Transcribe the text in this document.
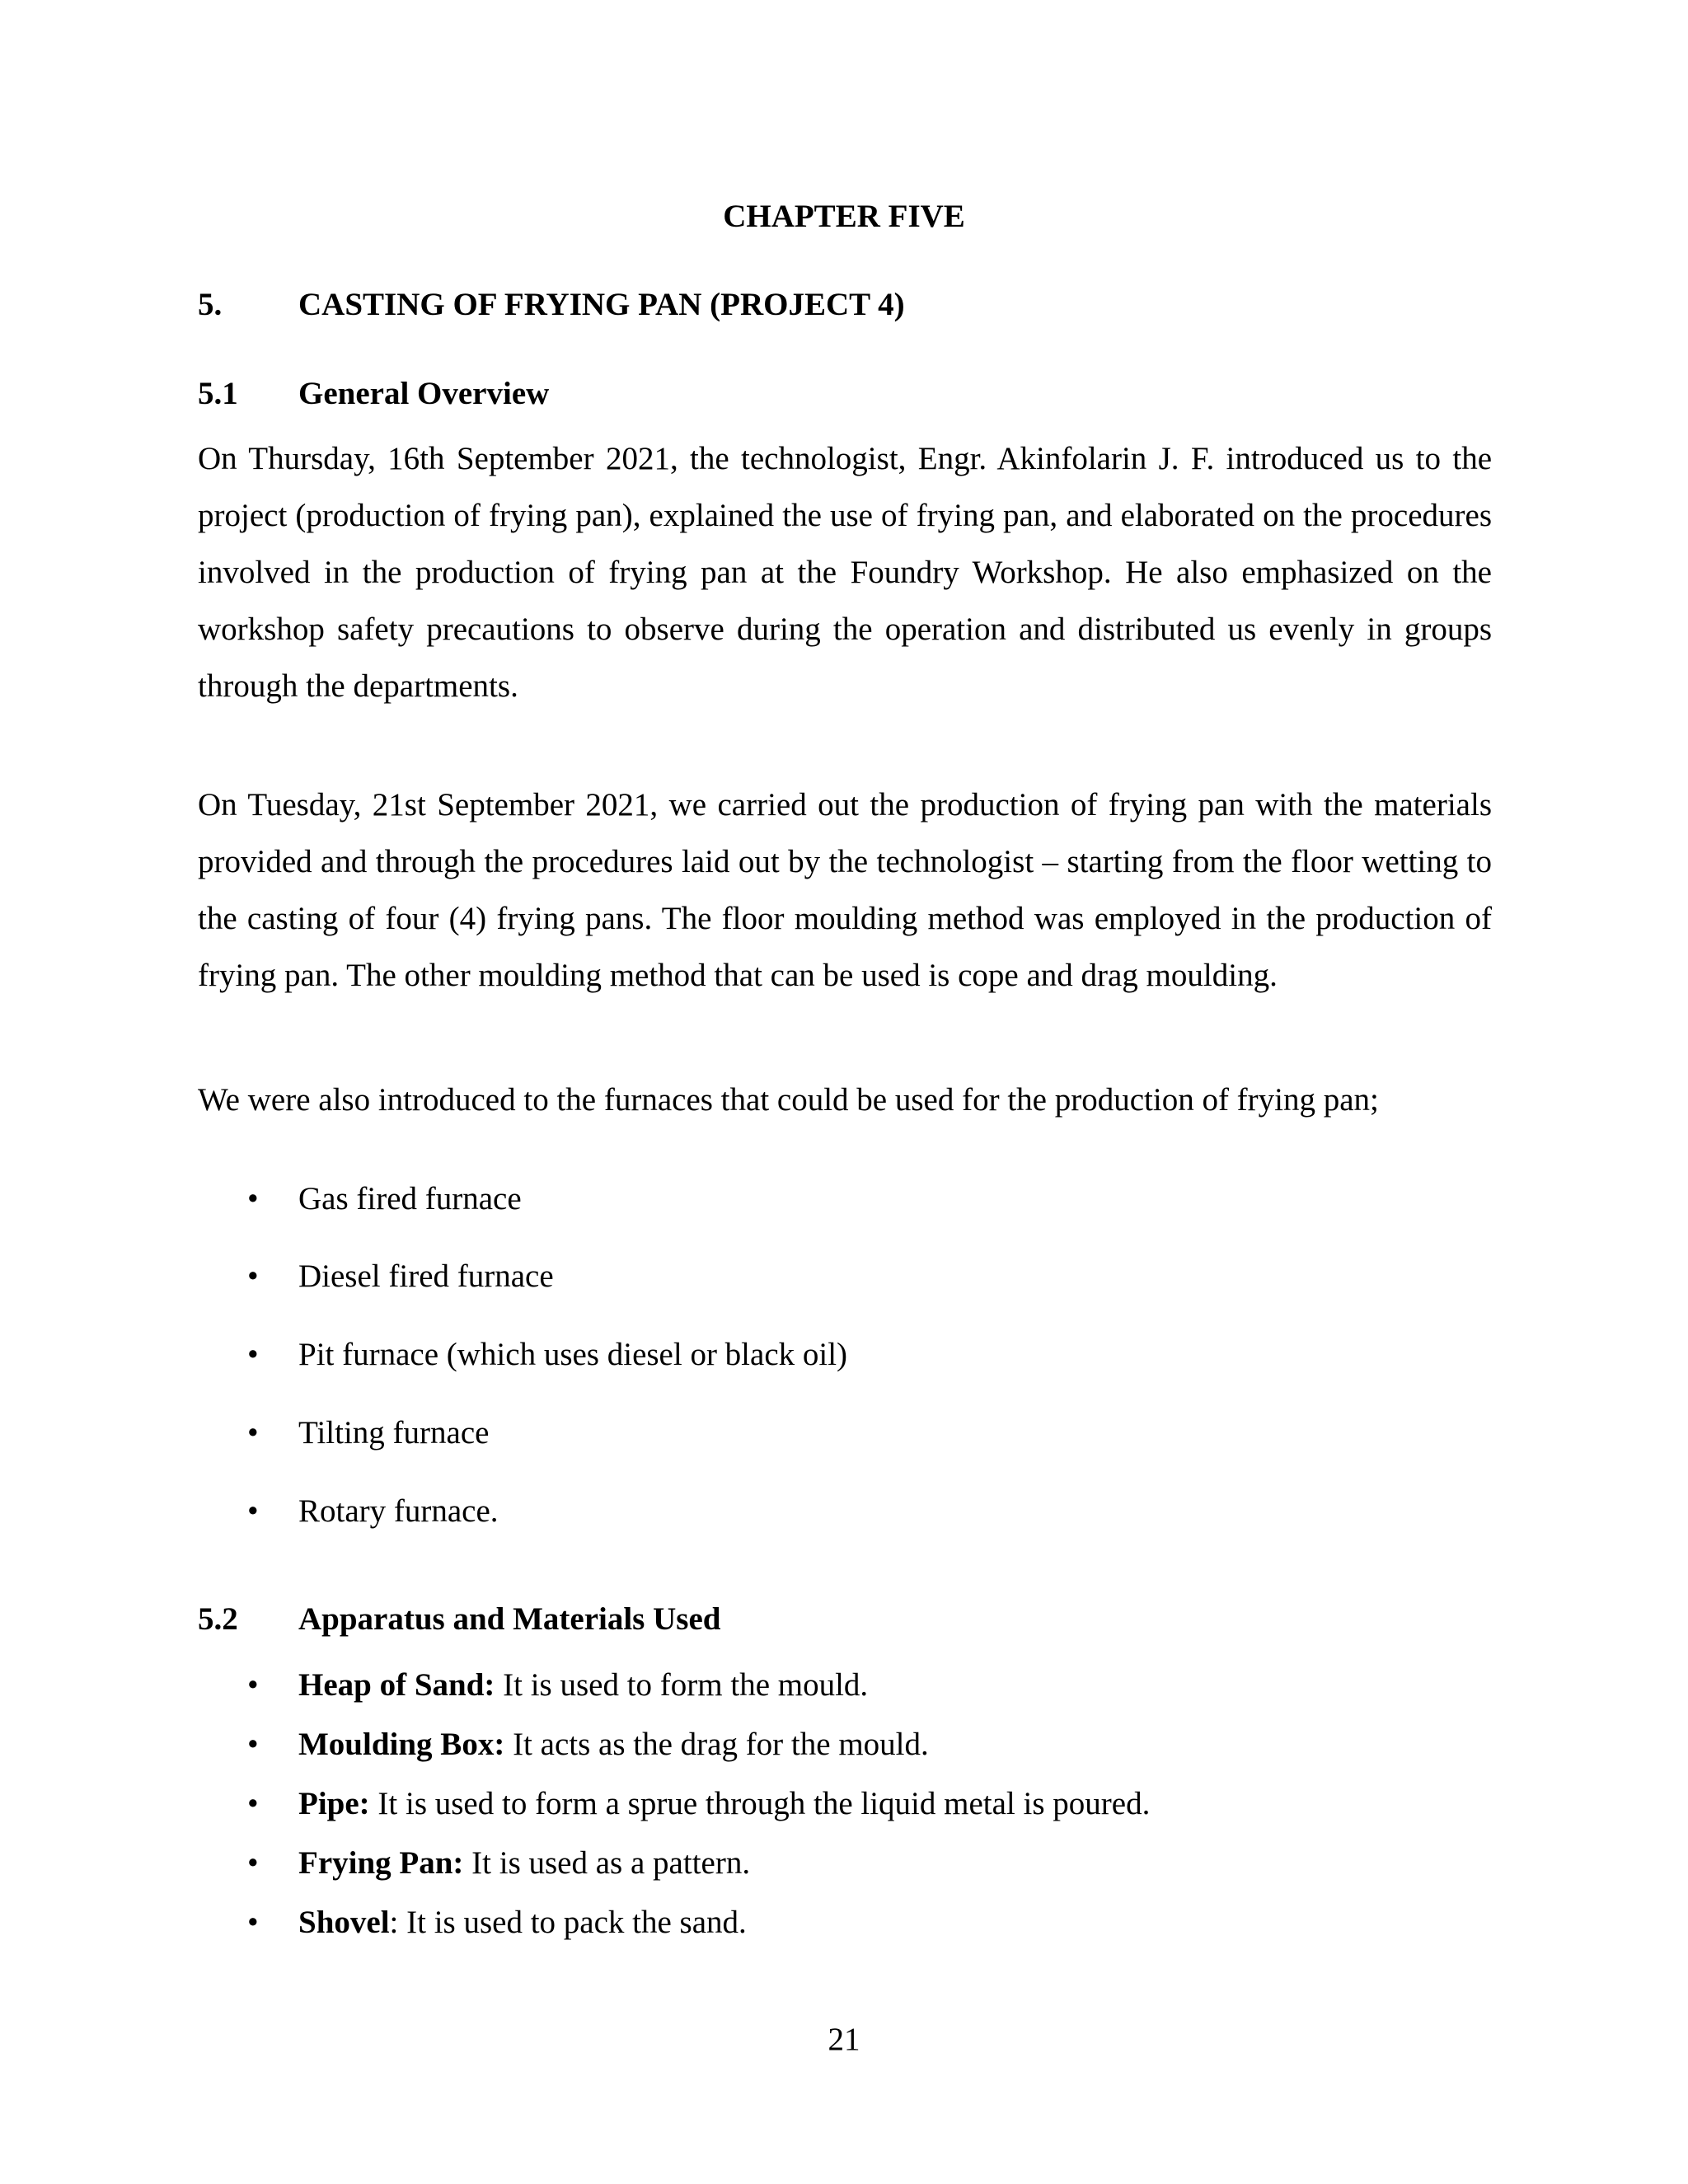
CHAPTER FIVE
5. CASTING OF FRYING PAN (PROJECT 4)
5.1 General Overview
On Thursday, 16th September 2021, the technologist, Engr. Akinfolarin J. F. introduced us to the project (production of frying pan), explained the use of frying pan, and elaborated on the procedures involved in the production of frying pan at the Foundry Workshop. He also emphasized on the workshop safety precautions to observe during the operation and distributed us evenly in groups through the departments.
On Tuesday, 21st September 2021, we carried out the production of frying pan with the materials provided and through the procedures laid out by the technologist – starting from the floor wetting to the casting of four (4) frying pans. The floor moulding method was employed in the production of frying pan. The other moulding method that can be used is cope and drag moulding.
We were also introduced to the furnaces that could be used for the production of frying pan;
• Gas fired furnace
• Diesel fired furnace
• Pit furnace (which uses diesel or black oil)
• Tilting furnace
• Rotary furnace.
5.2 Apparatus and Materials Used
• Heap of Sand: It is used to form the mould.
• Moulding Box: It acts as the drag for the mould.
• Pipe: It is used to form a sprue through the liquid metal is poured.
• Frying Pan: It is used as a pattern.
• Shovel: It is used to pack the sand.
21
